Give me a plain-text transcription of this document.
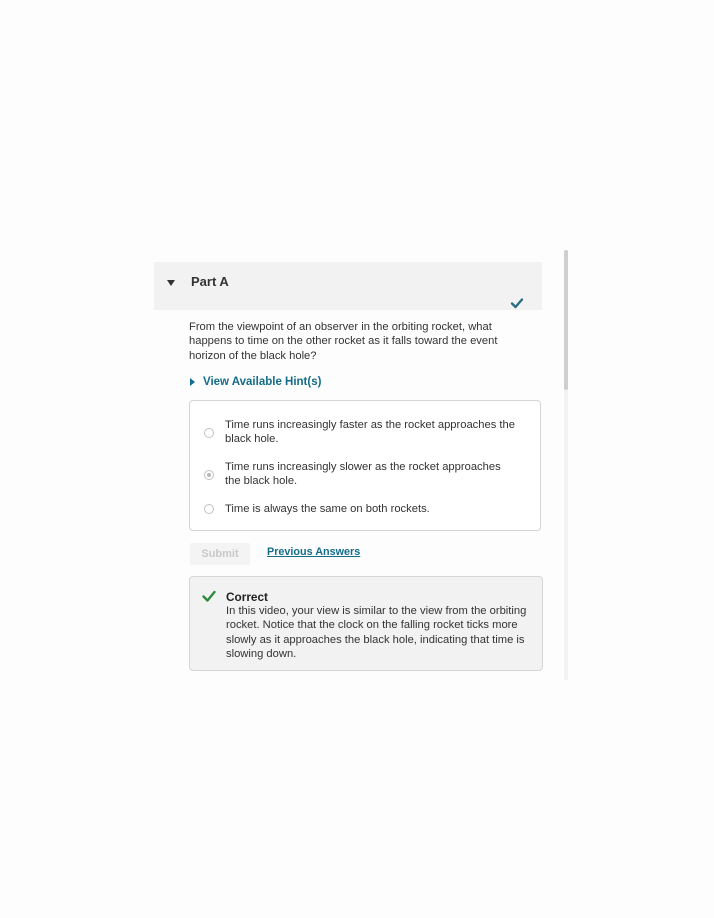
Part A
From the viewpoint of an observer in the orbiting rocket, what happens to time on the other rocket as it falls toward the event horizon of the black hole?
View Available Hint(s)
Time runs increasingly faster as the rocket approaches the
black hole.
Time runs increasingly slower as the rocket approaches
the black hole.
Time is always the same on both rockets.
Submit	Previous Answers
Correct
In this video, your view is similar to the view from the orbiting rocket. Notice that the clock on the falling rocket ticks more slowly as it approaches the black hole, indicating that time is slowing down.
